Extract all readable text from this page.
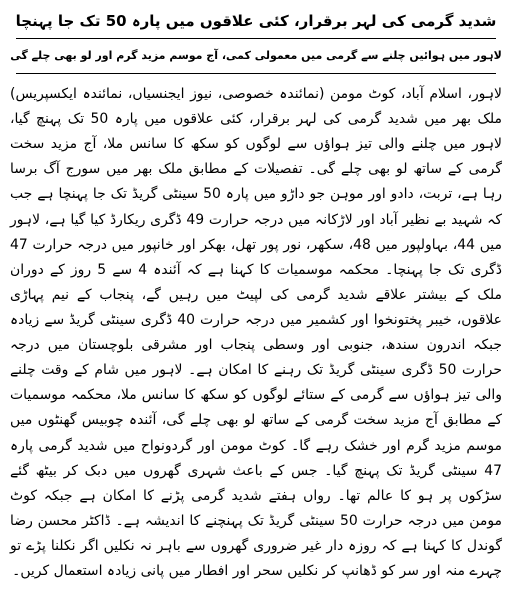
شدید گرمی کی لہر برقرار، کئی علاقوں میں پارہ 50 تک جا پہنچا
لاہور میں ہوائیں چلنے سے گرمی میں معمولی کمی، آج موسم مزید گرم اور لو بھی چلے گی

لاہور، اسلام آباد، کوٹ مومن (نمائندہ خصوصی، نیوز ایجنسیاں، نمائندہ ایکسپریس) ملک بھر میں شدید گرمی کی لہر برقرار، کئی علاقوں میں پارہ 50 تک پہنچ گیا، لاہور میں چلنے والی تیز ہواؤں سے لوگوں کو سکھ کا سانس ملا، آج مزید سخت گرمی کے ساتھ لو بھی چلے گی۔ تفصیلات کے مطابق ملک بھر میں سورج آگ برسا رہا ہے، تربت، دادو اور موہن جو داڑو میں پارہ 50 سینٹی گریڈ تک جا پہنچا ہے جب کہ شہید بے نظیر آباد اور لاڑکانہ میں درجہ حرارت 49 ڈگری ریکارڈ کیا گیا ہے، لاہور میں 44، بہاولپور میں 48، سکھر، نور پور تھل، بھکر اور خانپور میں درجہ حرارت 47 ڈگری تک جا پہنچا۔ محکمہ موسمیات کا کہنا ہے کہ آئندہ 4 سے 5 روز کے دوران ملک کے بیشتر علاقے شدید گرمی کی لپیٹ میں رہیں گے، پنجاب کے نیم پہاڑی علاقوں، خیبر پختونخوا اور کشمیر میں درجہ حرارت 40 ڈگری سینٹی گریڈ سے زیادہ جبکہ اندرون سندھ، جنوبی اور وسطی پنجاب اور مشرقی بلوچستان میں درجہ حرارت 50 ڈگری سینٹی گریڈ تک رہنے کا امکان ہے۔ لاہور میں شام کے وقت چلنے والی تیز ہواؤں سے گرمی کے ستائے لوگوں کو سکھ کا سانس ملا، محکمہ موسمیات کے مطابق آج مزید سخت گرمی کے ساتھ لو بھی چلے گی، آئندہ چوبیس گھنٹوں میں موسم مزید گرم اور خشک رہے گا۔ کوٹ مومن اور گردونواح میں شدید گرمی پارہ 47 سینٹی گریڈ تک پہنچ گیا۔ جس کے باعث شہری گھروں میں دبک کر بیٹھ گئے سڑکوں پر ہو کا عالم تھا۔ رواں ہفتے شدید گرمی پڑنے کا امکان ہے جبکہ کوٹ مومن میں درجہ حرارت 50 سینٹی گریڈ تک پہنچنے کا اندیشہ ہے۔ ڈاکٹر محسن رضا گوندل کا کہنا ہے کہ روزہ دار غیر ضروری گھروں سے باہر نہ نکلیں اگر نکلنا پڑے تو چہرے منہ اور سر کو ڈھانپ کر نکلیں سحر اور افطار میں پانی زیادہ استعمال کریں۔
